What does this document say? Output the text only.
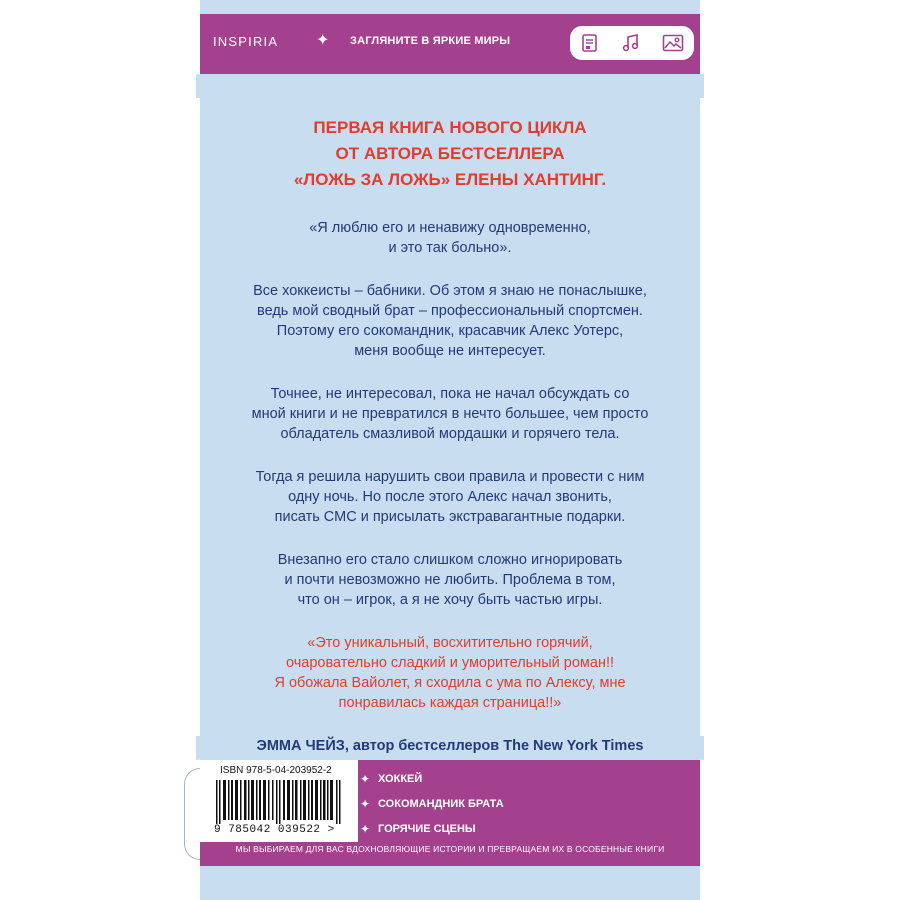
INSPIRIA ✦ ЗАГЛЯНИТЕ В ЯРКИЕ МИРЫ
ПЕРВАЯ КНИГА НОВОГО ЦИКЛА
ОТ АВТОРА БЕСТСЕЛЛЕРА
«ЛОЖЬ ЗА ЛОЖЬ» ЕЛЕНЫ ХАНТИНГ.

«Я люблю его и ненавижу одновременно,
и это так больно».

Все хоккеисты – бабники. Об этом я знаю не понаслышке,
ведь мой сводный брат – профессиональный спортсмен.
Поэтому его сокомандник, красавчик Алекс Уотерс,
меня вообще не интересует.

Точнее, не интересовал, пока не начал обсуждать со
мной книги и не превратился в нечто большее, чем просто
обладатель смазливой мордашки и горячего тела.

Тогда я решила нарушить свои правила и провести с ним
одну ночь. Но после этого Алекс начал звонить,
писать СМС и присылать экстравагантные подарки.

Внезапно его стало слишком сложно игнорировать
и почти невозможно не любить. Проблема в том,
что он – игрок, а я не хочу быть частью игры.

«Это уникальный, восхитительно горячий,
очаровательно сладкий и уморительный роман!!
Я обожала Вайолет, я сходила с ума по Алексу, мне
понравилась каждая страница!!»

ЭММА ЧЕЙЗ, автор бестселлеров The New York Times

ISBN 978-5-04-203952-2
9 785042 039522 >
✦ ХОККЕЙ
✦ СОКОМАНДНИК БРАТА
✦ ГОРЯЧИЕ СЦЕНЫ
МЫ ВЫБИРАЕМ ДЛЯ ВАС ВДОХНОВЛЯЮЩИЕ ИСТОРИИ И ПРЕВРАЩАЕМ ИХ В ОСОБЕННЫЕ КНИГИ
